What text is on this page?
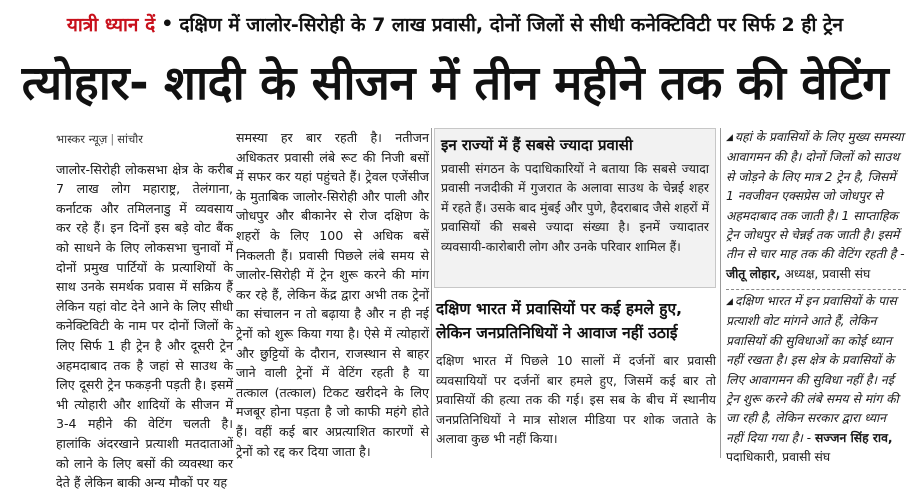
यात्री ध्यान दें • दक्षिण में जालोर-सिरोही के 7 लाख प्रवासी, दोनों जिलों से सीधी कनेक्टिविटी पर सिर्फ 2 ही ट्रेन
त्योहार- शादी के सीजन में तीन महीने तक की वेटिंग
भास्कर न्यूज़ | सांचौर

जालोर-सिरोही लोकसभा क्षेत्र के करीब 7 लाख लोग महाराष्ट्र, तेलंगाना, कर्नाटक और तमिलनाडु में व्यवसाय कर रहे हैं। इन दिनों इस बड़े वोट बैंक को साधने के लिए लोकसभा चुनावों में दोनों प्रमुख पार्टियों के प्रत्याशियों के साथ उनके समर्थक प्रवास में सक्रिय हैं लेकिन यहां वोट देने आने के लिए सीधी कनेक्टिविटी के नाम पर दोनों जिलों के लिए सिर्फ 1 ही ट्रेन है और दूसरी ट्रेन अहमदाबाद तक है जहां से साउथ के लिए दूसरी ट्रेन फकड़नी पड़ती है। इसमें भी त्योहारी और शादियों के सीजन में 3-4 महीने की वेटिंग चलती है। हालांकि अंदरखाने प्रत्याशी मतदाताओं को लाने के लिए बसों की व्यवस्था कर देते हैं लेकिन बाकी अन्य मौकों पर यह

समस्या हर बार रहती है। नतीजन अधिकतर प्रवासी लंबे रूट की निजी बसों में सफर कर यहां पहुंचते हैं। ट्रेवल एजेंसीज के मुताबिक जालोर-सिरोही और पाली और जोधपुर और बीकानेर से रोज दक्षिण के शहरों के लिए 100 से अधिक बसें निकलती हैं। प्रवासी पिछले लंबे समय से जालोर-सिरोही में ट्रेन शुरू करने की मांग कर रहे हैं, लेकिन केंद्र द्वारा अभी तक ट्रेनों का संचालन न तो बढ़ाया है और न ही नई ट्रेनों को शुरू किया गया है। ऐसे में त्योहारों और छुट्टियों के दौरान, राजस्थान से बाहर जाने वाली ट्रेनों में वेटिंग रहती है या तत्काल (तत्काल) टिकट खरीदने के लिए मजबूर होना पड़ता है जो काफी महंगे होते हैं। वहीं कई बार अप्रत्याशित कारणों से ट्रेनों को रद्द कर दिया जाता है।

इन राज्यों में हैं सबसे ज्यादा प्रवासी
प्रवासी संगठन के पदाधिकारियों ने बताया कि सबसे ज्यादा प्रवासी नजदीकी में गुजरात के अलावा साउथ के चेन्नई शहर में रहते हैं। उसके बाद मुंबई और पुणे, हैदराबाद जैसे शहरों में प्रवासियों की सबसे ज्यादा संख्या है। इनमें ज्यादातर व्यवसायी-कारोबारी लोग और उनके परिवार शामिल हैं।
दक्षिण भारत में प्रवासियों पर कई हमले हुए,
लेकिन जनप्रतिनिधियों ने आवाज नहीं उठाई
दक्षिण भारत में पिछले 10 सालों में दर्जनों बार प्रवासी व्यवसायियों पर दर्जनों बार हमले हुए, जिसमें कई बार तो प्रवासियों की हत्या तक की गई। इस सब के बीच में स्थानीय जनप्रतिनिधियों ने मात्र सोशल मीडिया पर शोक जताते के अलावा कुछ भी नहीं किया।
◢ यहां के प्रवासियों के लिए मुख्य समस्या आवागमन की है। दोनों जिलों को साउथ से जोड़ने के लिए मात्र 2 ट्रेन है, जिसमें 1 नवजीवन एक्सप्रेस जो जोधपुर से अहमदाबाद तक जाती है। 1 साप्ताहिक ट्रेन जोधपुर से चेन्नई तक जाती है। इसमें तीन से चार माह तक की वेटिंग रहती है - जीतू लोहार, अध्यक्ष, प्रवासी संघ
◢ दक्षिण भारत में इन प्रवासियों के पास प्रत्याशी वोट मांगने आते हैं, लेकिन प्रवासियों की सुविधाओं का कोई ध्यान नहीं रखता है। इस क्षेत्र के प्रवासियों के लिए आवागमन की सुविधा नहीं है। नई ट्रेन शुरू करने की लंबे समय से मांग की जा रही है, लेकिन सरकार द्वारा ध्यान नहीं दिया गया है। - सज्जन सिंह राव, पदाधिकारी, प्रवासी संघ
